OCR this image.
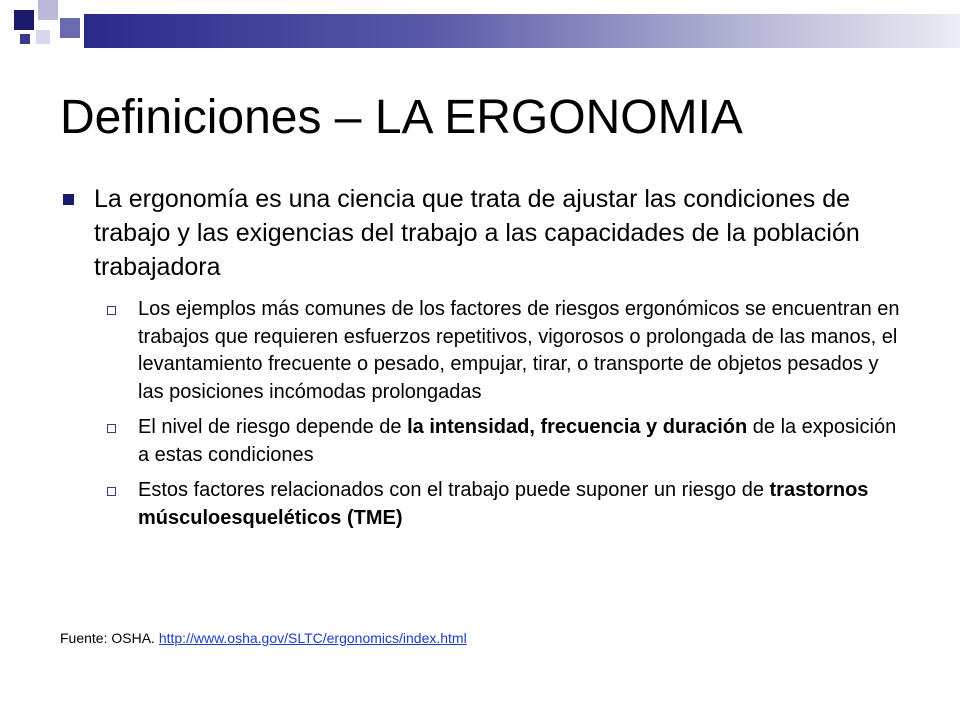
Definiciones – LA ERGONOMIA
La ergonomía es una ciencia que trata de ajustar las condiciones de trabajo y las exigencias del trabajo a las capacidades de la población trabajadora
Los ejemplos más comunes de los factores de riesgos ergonómicos se encuentran en trabajos que requieren esfuerzos repetitivos, vigorosos o prolongada de las manos, el levantamiento frecuente o pesado, empujar, tirar, o transporte de objetos pesados y las posiciones incómodas prolongadas
El nivel de riesgo depende de la intensidad, frecuencia y duración de la exposición a estas condiciones
Estos factores relacionados con el trabajo puede suponer un riesgo de trastornos músculoesqueléticos (TME)
Fuente: OSHA. http://www.osha.gov/SLTC/ergonomics/index.html
